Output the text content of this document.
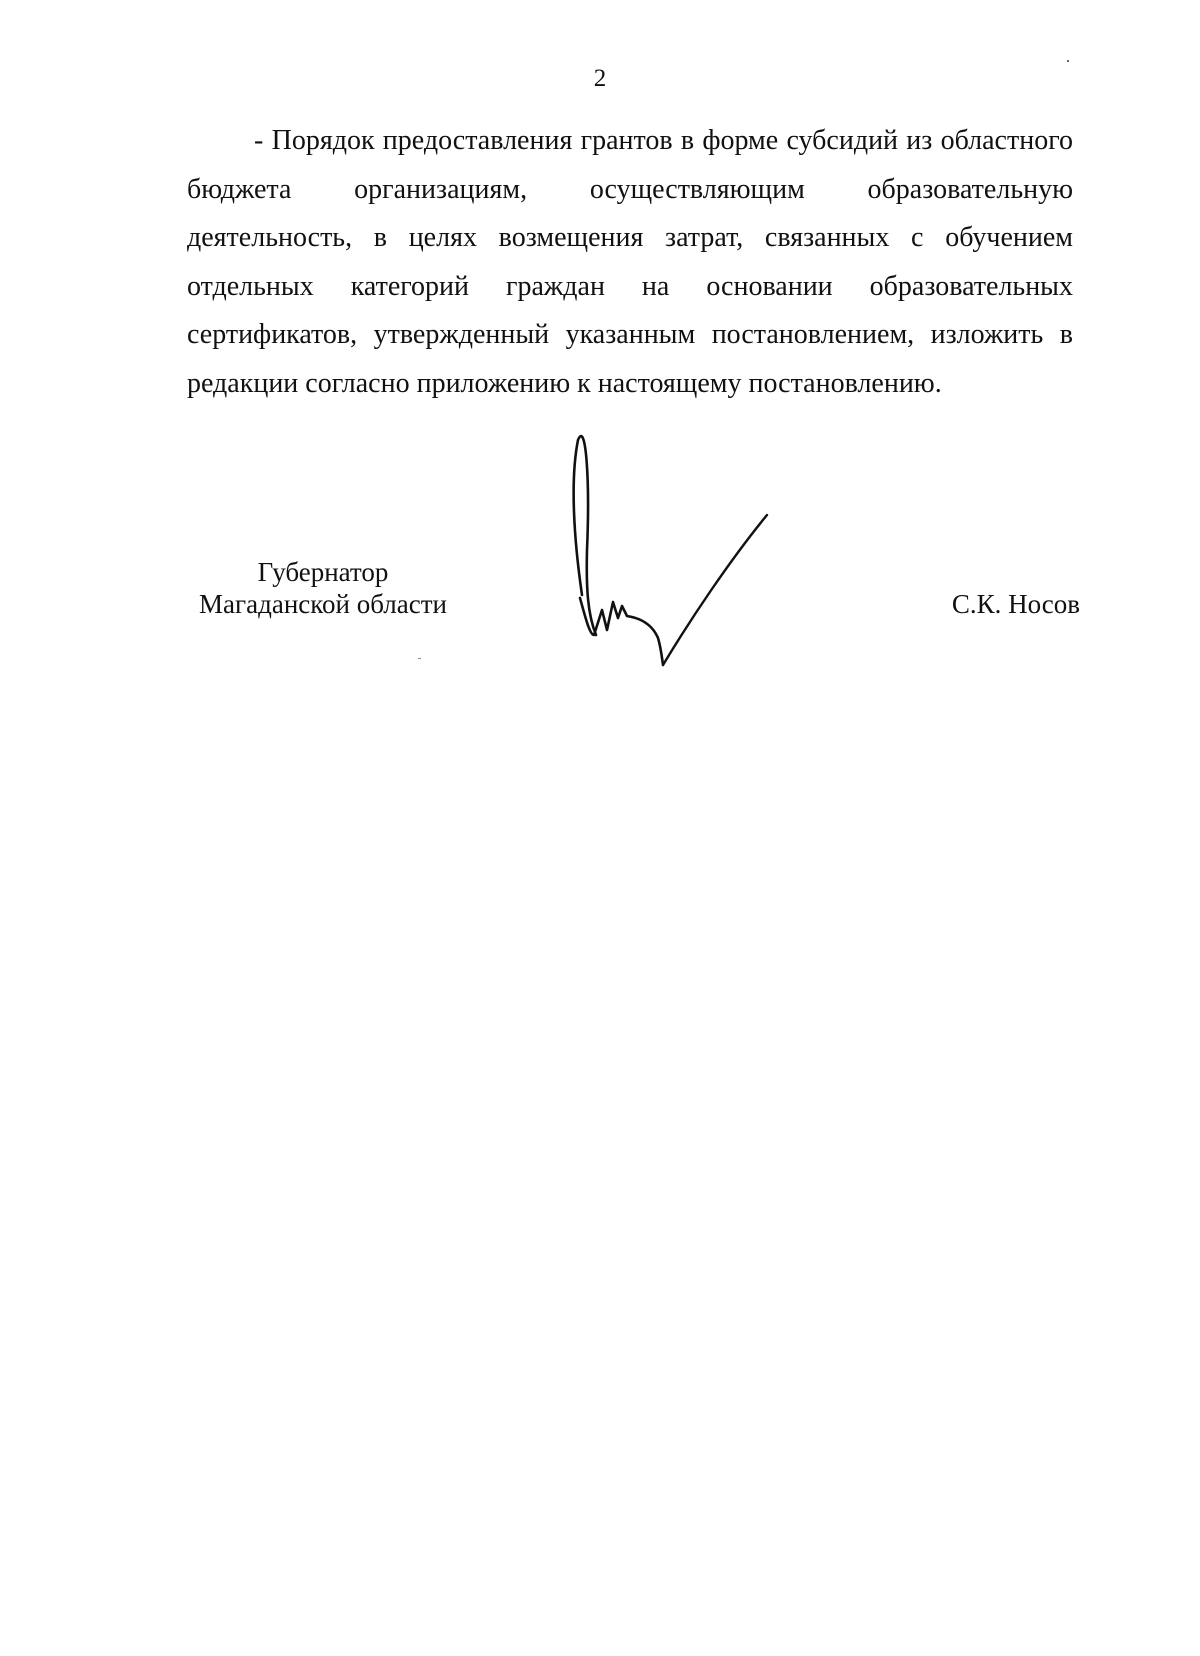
2

- Порядок предоставления грантов в форме субсидий из областного бюджета организациям, осуществляющим образовательную деятельность, в целях возмещения затрат, связанных с обучением отдельных категорий граждан на основании образовательных сертификатов, утвержденный указанным постановлением, изложить в редакции согласно приложению к настоящему постановлению.

Губернатор
Магаданской области	С.К. Носов
